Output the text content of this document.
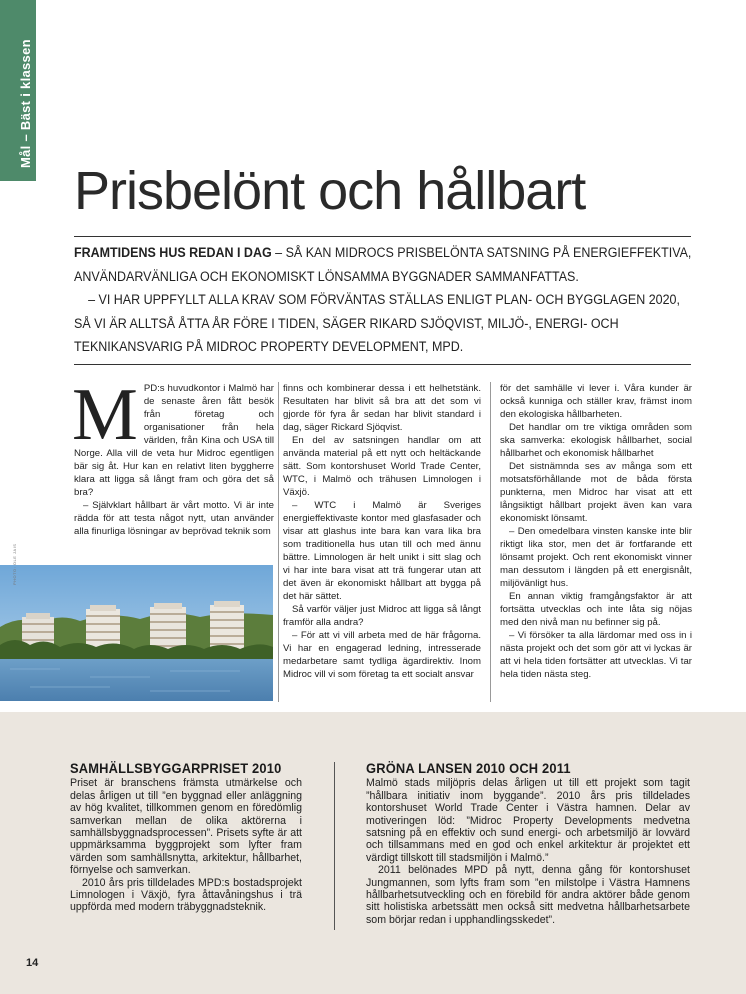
Mål – Bäst i klassen
Prisbelönt och hållbart

FRAMTIDENS HUS REDAN I DAG – SÅ KAN MIDROCS PRISBELÖNTA SATSNING PÅ ENERGIEFFEKTIVA, ANVÄNDARVÄNLIGA OCH EKONOMISKT LÖNSAMMA BYGGNADER SAMMANFATTAS.

– VI HAR UPPFYLLT ALLA KRAV SOM FÖRVÄNTAS STÄLLAS ENLIGT PLAN- OCH BYGGLAGEN 2020, SÅ VI ÄR ALLTSÅ ÅTTA ÅR FÖRE I TIDEN, SÄGER RIKARD SJÖQVIST, MILJÖ-, ENERGI- OCH TEKNIKANSVARIG PÅ MIDROC PROPERTY DEVELOPMENT, MPD.

MPD:s huvudkontor i Malmö har de senaste åren fått besök från företag och organisationer från hela världen, från Kina och USA till Norge. Alla vill de veta hur Midroc egentligen bär sig åt. Hur kan en relativt liten byggherre klara att ligga så långt fram och göra det så bra?

– Självklart hållbart är vårt motto. Vi är inte rädda för att testa något nytt, utan använder alla finurliga lösningar av beprövad teknik som

finns och kombinerar dessa i ett helhetstänk. Resultaten har blivit så bra att det som vi gjorde för fyra år sedan har blivit standard i dag, säger Rickard Sjöqvist.

En del av satsningen handlar om att använda material på ett nytt och heltäckande sätt. Som kontorshuset World Trade Center, WTC, i Malmö och trähusen Limnologen i Växjö.

– WTC i Malmö är Sveriges energieffektivaste kontor med glasfasader och visar att glashus inte bara kan vara lika bra som traditionella hus utan till och med ännu bättre. Limnologen är helt unikt i sitt slag och vi har inte bara visat att trä fungerar utan att det även är ekonomiskt hållbart att bygga på det här sättet.

Så varför väljer just Midroc att ligga så långt framför alla andra?

– För att vi vill arbeta med de här frågorna. Vi har en engagerad ledning, intresserade medarbetare samt tydliga ägardirektiv. Inom Midroc vill vi som företag ta ett socialt ansvar

för det samhälle vi lever i. Våra kunder är också kunniga och ställer krav, främst inom den ekologiska hållbarheten.

Det handlar om tre viktiga områden som ska samverka: ekologisk hållbarhet, social hållbarhet och ekonomisk hållbarhet

Det sistnämnda ses av många som ett motsatsförhållande mot de båda första punkterna, men Midroc har visat att ett långsiktigt hållbart projekt även kan vara ekonomiskt lönsamt.

– Den omedelbara vinsten kanske inte blir riktigt lika stor, men det är fortfarande ett lönsamt projekt. Och rent ekonomiskt vinner man dessutom i längden på ett energisnålt, miljövänligt hus.

En annan viktig framgångsfaktor är att fortsätta utvecklas och inte låta sig nöjas med den nivå man nu befinner sig på.

– Vi försöker ta alla lärdomar med oss in i nästa projekt och det som gör att vi lyckas är att vi hela tiden fortsätter att utvecklas. Vi tar hela tiden nästa steg.

PHOTO: OLE JAIS
SAMHÄLLSBYGGARPRISET 2010

Priset är branschens främsta utmärkelse och delas årligen ut till ”en byggnad eller anläggning av hög kvalitet, tillkommen genom en föredömlig samverkan mellan de olika aktörerna i samhällsbyggnadsprocessen”. Prisets syfte är att uppmärksamma byggprojekt som lyfter fram värden som samhällsnytta, arkitektur, hållbarhet, förnyelse och samverkan.

2010 års pris tilldelades MPD:s bostadsprojekt Limnologen i Växjö, fyra åttavåningshus i trä uppförda med modern träbyggnadsteknik.

GRÖNA LANSEN 2010 OCH 2011

Malmö stads miljöpris delas årligen ut till ett projekt som tagit ”hållbara initiativ inom byggande”. 2010 års pris tilldelades kontorshuset World Trade Center i Västra hamnen. Delar av motiveringen löd: ”Midroc Property Developments medvetna satsning på en effektiv och sund energi- och arbetsmiljö är lovvärd och tillsammans med en god och enkel arkitektur är projektet ett värdigt tillskott till stadsmiljön i Malmö.”

2011 belönades MPD på nytt, denna gång för kontorshuset Jungmannen, som lyfts fram som ”en milstolpe i Västra Hamnens hållbarhetsutveckling och en förebild för andra aktörer både genom sitt holistiska arbetssätt men också sitt medvetna hållbarhetsarbete som börjar redan i upphandlingsskedet”.

14
